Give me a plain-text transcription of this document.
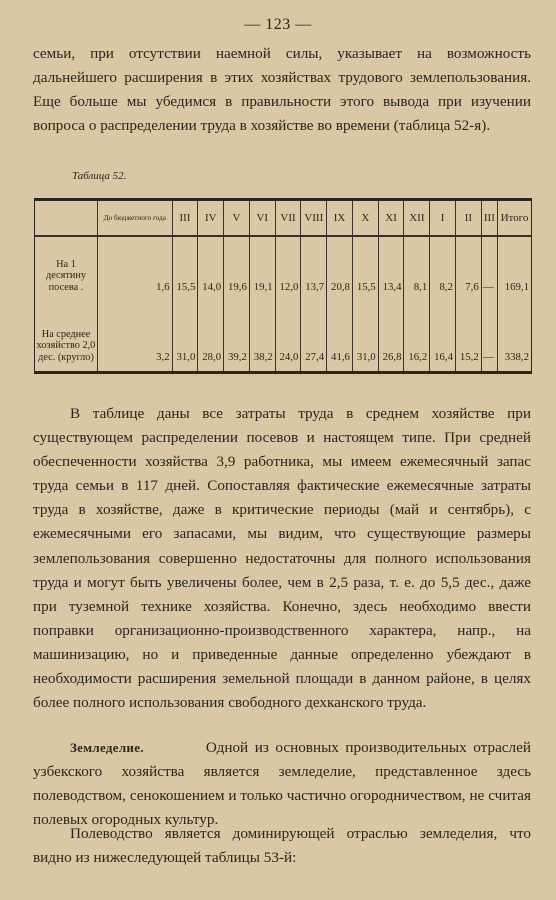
— 123 —

семьи, при отсутствии наемной силы, указывает на возможность дальнейшего расширения в этих хозяйствах трудового землепользования. Еще больше мы убедимся в правильности этого вывода при изучении вопроса о распределении труда в хозяйстве во времени (таблица 52-я).

Таблица 52.
	До бюджетного года	III	IV	V	VI	VII	VIII	IX	X	XI	XII	I	II	III	Итого
На 1 десятину посева .	1,6	15,5	14,0	19,6	19,1	12,0	13,7	20,8	15,5	13,4	8,1	8,2	7,6	—	169,1
На среднее хозяйство 2,0 дес. (кругло)	3,2	31,0	28,0	39,2	38,2	24,0	27,4	41,6	31,0	26,8	16,2	16,4	15,2	—	338,2

В таблице даны все затраты труда в среднем хозяйстве при существующем распределении посевов и настоящем типе. При средней обеспеченности хозяйства 3,9 работника, мы имеем ежемесячный запас труда семьи в 117 дней. Сопоставляя фактические ежемесячные затраты труда в хозяйстве, даже в критические периоды (май и сентябрь), с ежемесячными его запасами, мы видим, что существующие размеры землепользования совершенно недостаточны для полного использования труда и могут быть увеличены более, чем в 2,5 раза, т. е. до 5,5 дес., даже при туземной технике хозяйства. Конечно, здесь необходимо ввести поправки организационно-производственного характера, напр., на машинизацию, но и приведенные данные определенно убеждают в необходимости расширения земельной площади в данном районе, в целях более полного использования свободного дехканского труда.

Земледелие.	Одной из основных производительных отраслей узбекского хозяйства является земледелие, представленное здесь полеводством, сенокошением и только частично огородничеством, не считая полевых огородных культур.

Полеводство является доминирующей отраслью земледелия, что видно из нижеследующей таблицы 53-й:
